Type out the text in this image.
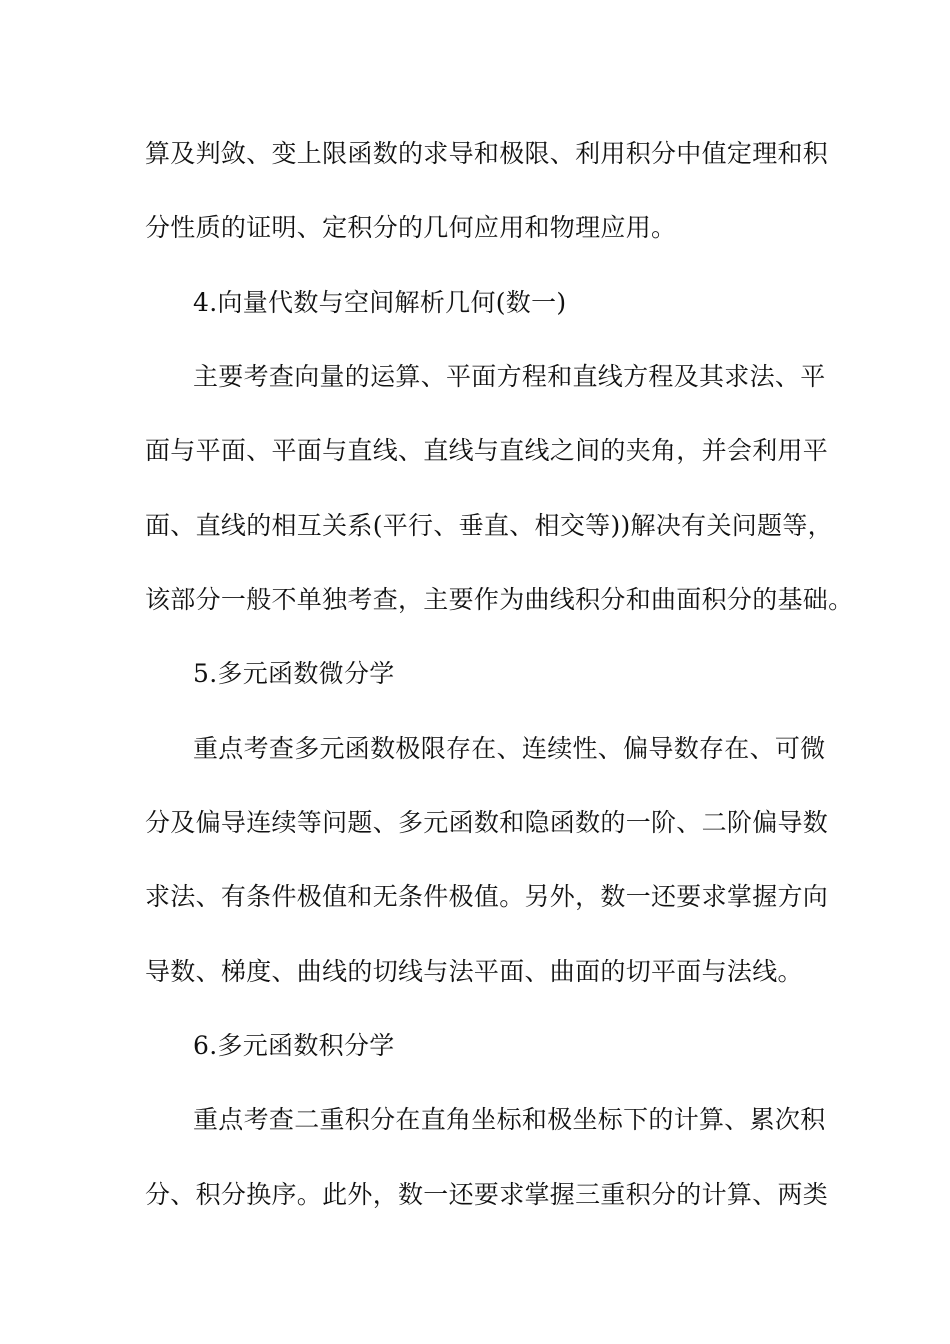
算及判敛、变上限函数的求导和极限、利用积分中值定理和积
分性质的证明、定积分的几何应用和物理应用。
4.向量代数与空间解析几何(数一)
主要考查向量的运算、平面方程和直线方程及其求法、平
面与平面、平面与直线、直线与直线之间的夹角，并会利用平
面、直线的相互关系(平行、垂直、相交等))解决有关问题等，
该部分一般不单独考查，主要作为曲线积分和曲面积分的基础。
5.多元函数微分学
重点考查多元函数极限存在、连续性、偏导数存在、可微
分及偏导连续等问题、多元函数和隐函数的一阶、二阶偏导数
求法、有条件极值和无条件极值。另外，数一还要求掌握方向
导数、梯度、曲线的切线与法平面、曲面的切平面与法线。
6.多元函数积分学
重点考查二重积分在直角坐标和极坐标下的计算、累次积
分、积分换序。此外，数一还要求掌握三重积分的计算、两类
